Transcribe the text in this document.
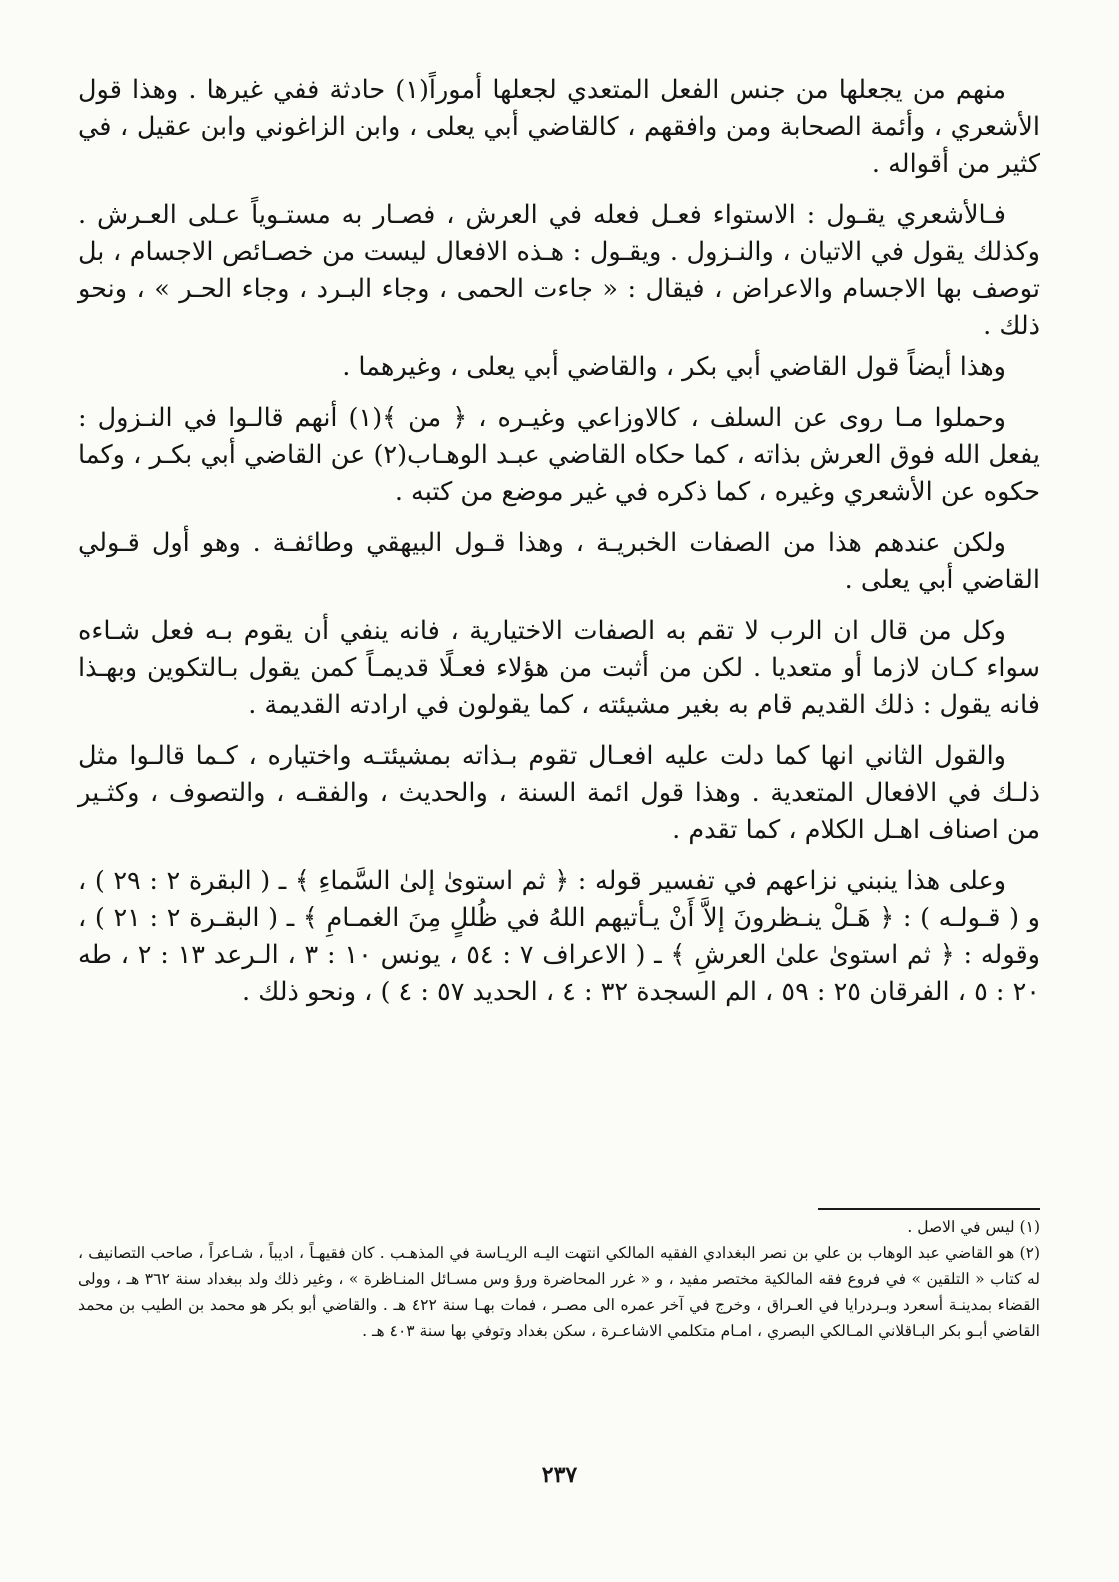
منهم من يجعلها من جنس الفعل المتعدي لجعلها أموراً(١) حادثة ففي غيرها . وهذا قول الأشعري ، وأئمة الصحابة ومن وافقهم ، كالقاضي أبي يعلى ، وابن الزاغوني وابن عقيل ، في كثير من أقواله .

فـالأشعري يقـول : الاستواء فعـل فعله في العرش ، فصـار به مستـوياً عـلى العـرش . وكذلك يقول في الاتيان ، والنـزول . ويقـول : هـذه الافعال ليست من خصـائص الاجسام ، بل توصف بها الاجسام والاعراض ، فيقال : « جاءت الحمى ، وجاء البـرد ، وجاء الحـر » ، ونحو ذلك .

وهذا أيضاً قول القاضي أبي بكر ، والقاضي أبي يعلى ، وغيرهما .

وحملوا مـا روى عن السلف ، كالاوزاعي وغيـره ، ﴿ من ﴾(١) أنهم قالـوا في النـزول : يفعل الله فوق العرش بذاته ، كما حكاه القاضي عبـد الوهـاب(٢) عن القاضي أبي بكـر ، وكما حكوه عن الأشعري وغيره ، كما ذكره في غير موضع من كتبه .

ولكن عندهم هذا من الصفات الخبريـة ، وهذا قـول البيهقي وطائفـة . وهو أول قـولي القاضي أبي يعلى .

وكل من قال ان الرب لا تقم به الصفات الاختيارية ، فانه ينفي أن يقوم بـه فعل شـاءه سواء كـان لازما أو متعديا . لكن من أثبت من هؤلاء فعـلًا قديمـاً كمن يقول بـالتكوين وبهـذا فانه يقول : ذلك القديم قام به بغير مشيئته ، كما يقولون في ارادته القديمة .

والقول الثاني انها كما دلت عليه افعـال تقوم بـذاته بمشيئتـه واختياره ، كـما قالـوا مثل ذلـك في الافعال المتعدية . وهذا قول ائمة السنة ، والحديث ، والفقـه ، والتصوف ، وكثـير من اصناف اهـل الكلام ، كما تقدم .

وعلى هذا ينبني نزاعهم في تفسير قوله : ﴿ ثم استوىٰ إلىٰ السَّماءِ ﴾ ـ ( البقرة ٢ : ٢٩ ) ، و ( قـولـه ) : ﴿ هَـلْ ينـظرونَ إلاَّ أَنْ يـأتيهم اللهُ في ظُللٍ مِنَ الغمـامِ ﴾ ـ ( البقـرة ٢ : ٢١ ) ، وقوله : ﴿ ثم استوىٰ علىٰ العرشِ ﴾ ـ ( الاعراف ٧ : ٥٤ ، يونس ١٠ : ٣ ، الـرعد ١٣ : ٢ ، طه ٢٠ : ٥ ، الفرقان ٢٥ : ٥٩ ، الم السجدة ٣٢ : ٤ ، الحديد ٥٧ : ٤ ) ، ونحو ذلك .

(١) ليس في الاصل .

(٢) هو القاضي عبد الوهاب بن علي بن نصر البغدادي الفقيه المالكي انتهت اليـه الريـاسة في المذهـب . كان فقيهـاً ، اديباً ، شـاعراً ، صاحب التصانيف ، له كتاب « التلقين » في فروع فقه المالكية مختصر مفيد ، و « غرر المحاضرة ورؤ وس مسـائل المنـاظرة » ، وغير ذلك ولد ببغداد سنة ٣٦٢ هـ ، وولى القضاء بمدينـة أسعرد وبـردرايا في العـراق ، وخرج في آخر عمره الى مصـر ، فمات بهـا سنة ٤٢٢ هـ . والقاضي أبو بكر هو محمد بن الطيب بن محمد القاضي أبـو بكر البـاقلاني المـالكي البصري ، امـام متكلمي الاشاعـرة ، سكن بغداد وتوفي بها سنة ٤٠٣ هـ .

٢٣٧
